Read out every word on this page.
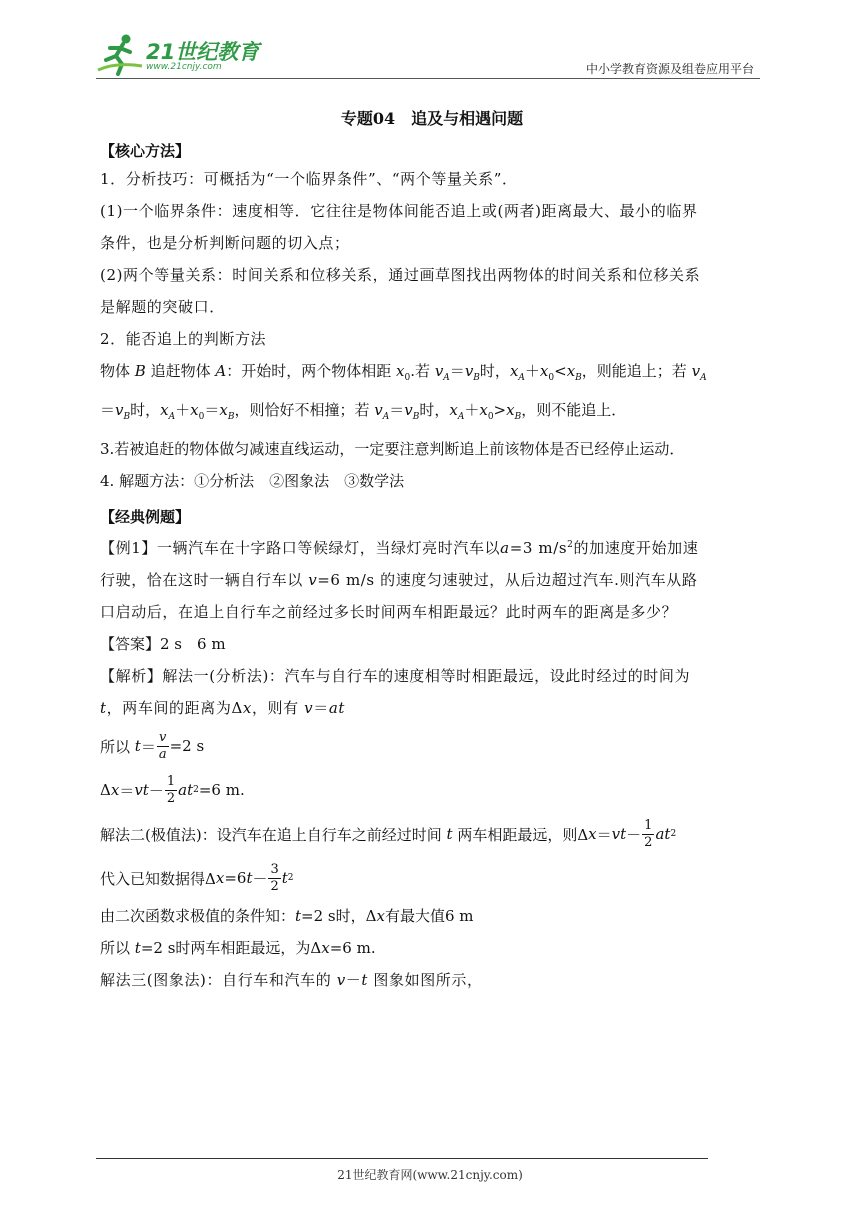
21世纪教育
www.21cnjy.com	中小学教育资源及组卷应用平台
专题04 追及与相遇问题
【核心方法】
1．分析技巧：可概括为“一个临界条件”、“两个等量关系”．
(1)一个临界条件：速度相等．它往往是物体间能否追上或(两者)距离最大、最小的临界
条件，也是分析判断问题的切入点；
(2)两个等量关系：时间关系和位移关系，通过画草图找出两物体的时间关系和位移关系
是解题的突破口．
2．能否追上的判断方法
物体 B 追赶物体 A：开始时，两个物体相距 $x_0$.若 $v_A=v_B$时，$x_A+x_0<x_B$，则能追上；若 $v_A$
$=v_B$时，$x_A+x_0=x_B$，则恰好不相撞；若 $v_A=v_B$时，$x_A+x_0>x_B$，则不能追上．
3.若被追赶的物体做匀减速直线运动，一定要注意判断追上前该物体是否已经停止运动．
4. 解题方法：①分析法　②图象法　③数学法
【经典例题】
【例1】一辆汽车在十字路口等候绿灯，当绿灯亮时汽车以a=3 $m/s^2$的加速度开始加速
行驶，恰在这时一辆自行车以 v=6 m/s 的速度匀速驶过，从后边超过汽车.则汽车从路
口启动后，在追上自行车之前经过多长时间两车相距最远？此时两车的距离是多少？
【答案】2 s　6 m
【解析】解法一(分析法)：汽车与自行车的速度相等时相距最远，设此时经过的时间为
t，两车间的距离为Δx，则有 v＝at
所以
$t = \frac{v}{a} =2$ s
Δ x ＝ vt － $\frac{1}{2}$ at 2 =6 m.
解法二(极值法)：设汽车在追上自行车之前经过时间
t
两车相距最远，则Δ x ＝ vt － $\frac{1}{2}$ at 2
代入已知数据得Δ x =6 $t - \frac{3}{2}$ t 2
由二次函数求极值的条件知：t=2 s时，Δx有最大值6 m
所以 t=2 s时两车相距最远，为Δx=6 m.
解法三(图象法)：自行车和汽车的 v－t 图象如图所示，
21世纪教育网(www.21cnjy.com)
